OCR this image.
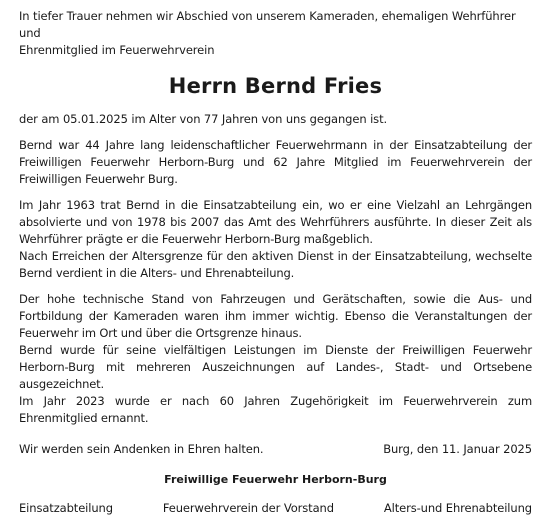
In tiefer Trauer nehmen wir Abschied von unserem Kameraden, ehemaligen Wehrführer und
Ehrenmitglied im Feuerwehrverein

Herrn Bernd Fries

der am 05.01.2025 im Alter von 77 Jahren von uns gegangen ist.

Bernd war 44 Jahre lang leidenschaftlicher Feuerwehrmann in der Einsatzabteilung der Freiwilligen Feuerwehr Herborn-Burg und 62 Jahre Mitglied im Feuerwehrverein der Freiwilligen Feuerwehr Burg.

Im Jahr 1963 trat Bernd in die Einsatzabteilung ein, wo er eine Vielzahl an Lehrgängen absolvierte und von 1978 bis 2007 das Amt des Wehrführers ausführte. In dieser Zeit als Wehrführer prägte er die Feuerwehr Herborn-Burg maßgeblich.

Nach Erreichen der Altersgrenze für den aktiven Dienst in der Einsatzabteilung, wechselte Bernd verdient in die Alters- und Ehrenabteilung.

Der hohe technische Stand von Fahrzeugen und Gerätschaften, sowie die Aus- und Fortbildung der Kameraden waren ihm immer wichtig. Ebenso die Veranstaltungen der Feuerwehr im Ort und über die Ortsgrenze hinaus.

Bernd wurde für seine vielfältigen Leistungen im Dienste der Freiwilligen Feuerwehr Herborn-Burg mit mehreren Auszeichnungen auf Landes-, Stadt- und Ortsebene ausgezeichnet.

Im Jahr 2023 wurde er nach 60 Jahren Zugehörigkeit im Feuerwehrverein zum Ehrenmitglied ernannt.

Wir werden sein Andenken in Ehren halten.	Burg, den 11. Januar 2025
Freiwillige Feuerwehr Herborn-Burg
Einsatzabteilung	Feuerwehrverein der Vorstand	Alters-und Ehrenabteilung
